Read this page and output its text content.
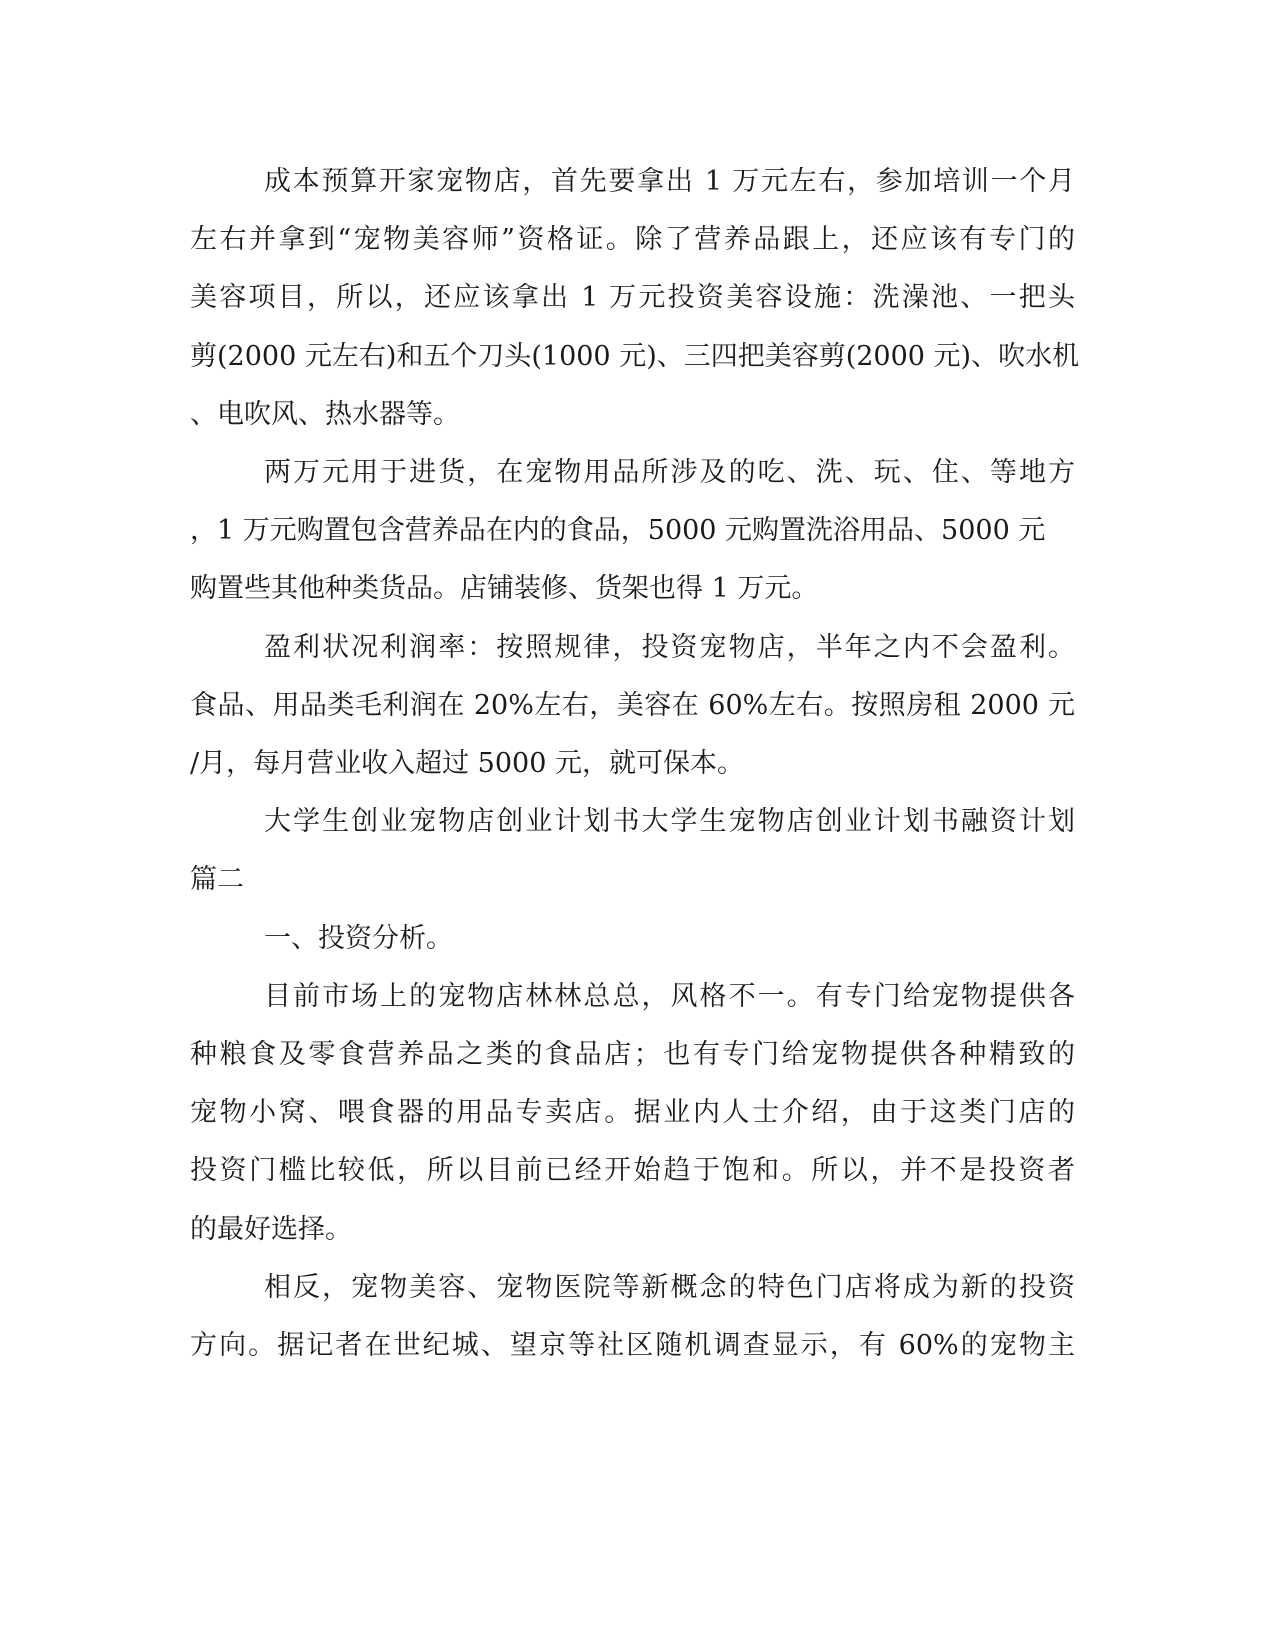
成本预算开家宠物店，首先要拿出 1 万元左右，参加培训一个月
左右并拿到“宠物美容师”资格证。除了营养品跟上，还应该有专门的
美容项目，所以，还应该拿出 1 万元投资美容设施：洗澡池、一把头
剪(2000 元左右)和五个刀头(1000 元)、三四把美容剪(2000 元)、吹水机
、电吹风、热水器等。
两万元用于进货，在宠物用品所涉及的吃、洗、玩、住、等地方
，1 万元购置包含营养品在内的食品，5000 元购置洗浴用品、5000 元
购置些其他种类货品。店铺装修、货架也得 1 万元。
盈利状况利润率：按照规律，投资宠物店，半年之内不会盈利。
食品、用品类毛利润在 20%左右，美容在 60%左右。按照房租 2000 元
/月，每月营业收入超过 5000 元，就可保本。
大学生创业宠物店创业计划书大学生宠物店创业计划书融资计划
篇二
一、投资分析。
目前市场上的宠物店林林总总，风格不一。有专门给宠物提供各
种粮食及零食营养品之类的食品店；也有专门给宠物提供各种精致的
宠物小窝、喂食器的用品专卖店。据业内人士介绍，由于这类门店的
投资门槛比较低，所以目前已经开始趋于饱和。所以，并不是投资者
的最好选择。
相反，宠物美容、宠物医院等新概念的特色门店将成为新的投资
方向。据记者在世纪城、望京等社区随机调查显示，有 60%的宠物主
